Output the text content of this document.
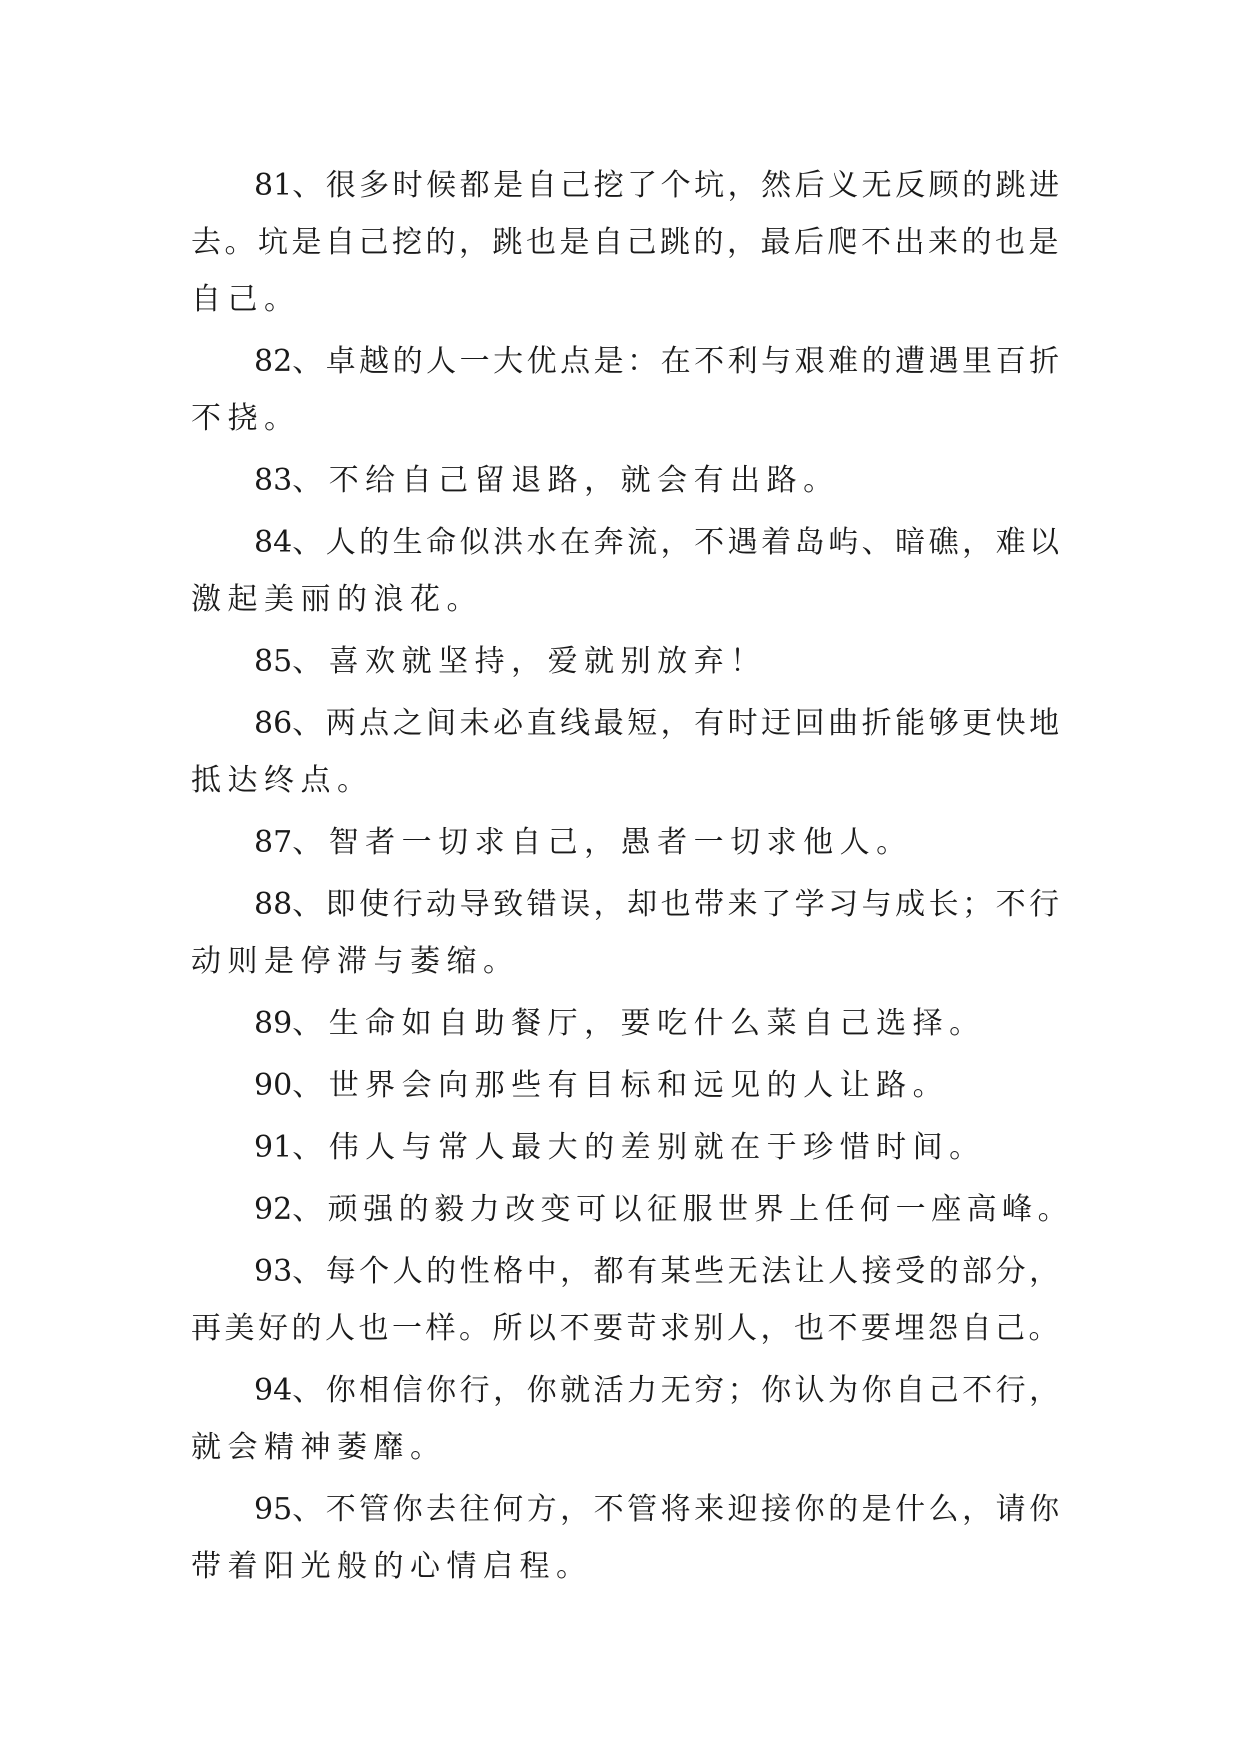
81、很多时候都是自己挖了个坑，然后义无反顾的跳进
去。坑是自己挖的，跳也是自己跳的，最后爬不出来的也是
自己。
82、卓越的人一大优点是：在不利与艰难的遭遇里百折
不挠。
83、不给自己留退路，就会有出路。
84、人的生命似洪水在奔流，不遇着岛屿、暗礁，难以
激起美丽的浪花。
85、喜欢就坚持，爱就别放弃！
86、两点之间未必直线最短，有时迂回曲折能够更快地
抵达终点。
87、智者一切求自己，愚者一切求他人。
88、即使行动导致错误，却也带来了学习与成长；不行
动则是停滞与萎缩。
89、生命如自助餐厅，要吃什么菜自己选择。
90、世界会向那些有目标和远见的人让路。
91、伟人与常人最大的差别就在于珍惜时间。
92、顽强的毅力改变可以征服世界上任何一座高峰。
93、每个人的性格中，都有某些无法让人接受的部分，
再美好的人也一样。所以不要苛求别人，也不要埋怨自己。
94、你相信你行，你就活力无穷；你认为你自己不行，
就会精神萎靡。
95、不管你去往何方，不管将来迎接你的是什么，请你
带着阳光般的心情启程。
